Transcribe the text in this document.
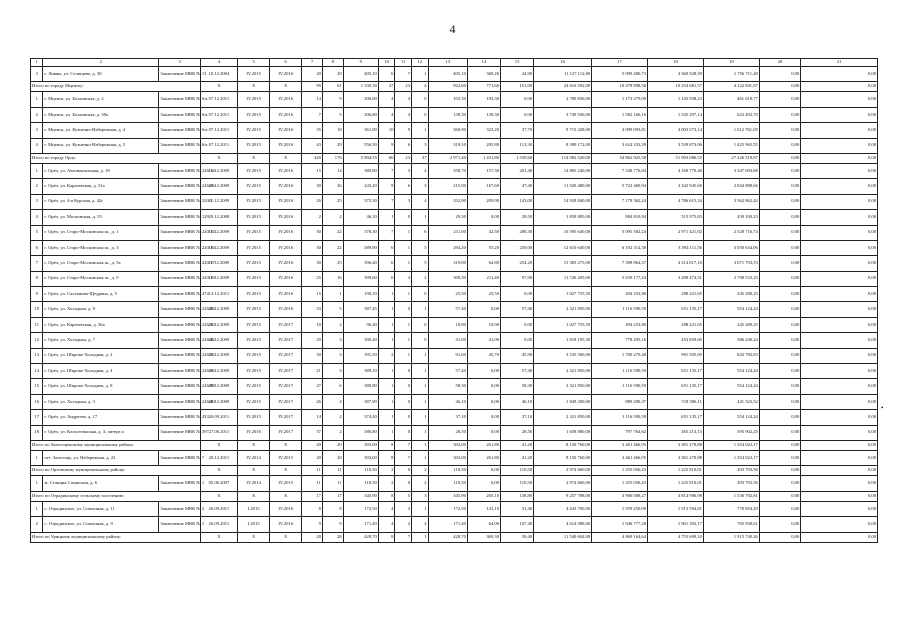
4
1	2	3	4	5	6	7	8	9	10	11	12	13	14	15	16	17	18	19	20	21
3	г. Ливны, ул. Селищева, д. 38	Заключение МВК № 13	10.12.2004	IV.2015	IV.2016	20	29	405,10	6	7	1	405,10	360,26	44,90	11 127 112,80	5 009 480,73	4 360 928,59	1 756 711,48	0,00	0,00
Итого по городу Мценску:			X	X	X	99	61	1 330,30	27	23	4	922,60	771,60	151,00	24 616 592,00	10 478 898,36	10 254 681,57	4 122 841,07	0,00	0,00
1	г. Мценск, ул. Болховская, д. 2	Заключение МВК № 6/к	07.12.2011	IV.2015	IV.2016	14	9	206,00	4	4	0	103,30	103,30	0,00	2 780 836,00	1 173 279,00	1 145 938,23	461 618,77	0,00	0,00
2	г. Мценск, ул. Болховская, д. 58а	Заключение МВК № 6/к	07.12.2011	IV.2015	IV.2016	7	5	206,80	4	4	0	139,30	139,30	0,00	3 749 936,00	1 582 166,16	1 545 297,14	622 492,70	0,00	0,00
3	г. Мценск, ул. Кузнечно-Набережная, д. 4	Заключение МВК № 6/к	07.12.2011	IV.2015	IV.2016	35	18	361,00	10	9	1	360,90	323,20	37,70	9 715 428,00	4 099 093,81	4 003 573,14	1 612 761,05	0,00	0,00
4	г. Мценск, ул. Кузнечно-Набережная, д. 5	Заключение МВК № 6/к	07.12.2011	IV.2015	IV.2016	43	29	556,50	9	6	3	319,10	205,80	113,30	8 390 172,00	3 624 333,39	3 539 873,06	1 425 965,55	0,00	0,00
Итого по городу Орлу:			X	X	X	420	176	5 894,55	60	23	37	2 971,40	1 431,80	1 539,60	114 082 520,00	54 862 925,58	51 993 086,55	27 226 519,87	0,00	0,00
1	г. Орёл, ул. Автовокзальная, д. 18	Заключение МВК № 226/14	16.12.2009	IV.2015	IV.2016	15	14	380,80	7	3	4	358,70	157,30	201,40	14 865 240,00	7 348 776,84	4 168 770,48	3 347 693,68	0,00	0,00
2	г. Орёл, ул. Карачевская, д. 51а	Заключение МВК № 226/26	23.12.2009	IV.2015	IV.2016	30	26	243,20	9	6	3	215,00	167,60	47,40	11 920 480,00	5 722 469,94	3 342 945,60	2 844 888,66	0,00	0,00
3	г. Орёл, ул. 4-я Курская, д. 42г	Заключение МВК № 220/3	11.12.2009	IV.2015	IV.2016	26	25	375,30	7	3	4	352,90	209,90	143,00	14 928 840,00	7 179 362,24	4 786 615,34	3 562 862,42	0,00	0,00
4	г. Орёл, ул. Московская, д. 55	Заключение МВК № 129	29.12.2008	IV.2015	IV.2016	2	2	46,10	1	0	1	29,50	0,00	29,50	1 839 885,00	884 810,94	515 975,83	439 100,23	0,00	0,00
5	г. Орёл, ул. Старо-Московская ш., д. 1	Заключение МВК № 220/15	11.12.2009	IV.2015	IV.2016	30	22	378,30	7	1	6	211,00	42,50	208,30	10 595 640,00	5 095 302,24	2 971 421,02	2 528 716,74	0,00	0,00
6	г. Орёл, ул. Старо-Московская ш., д. 3	Заключение МВК № 220/16	11.12.2009	IV.2015	IV.2016	30	22	389,90	6	1	5	294,20	55,20	239,00	12 610 640,00	6 102 314,38	3 594 111,56	3 050 634,06	0,00	0,00
7	г. Орёл, ул. Старо-Московская ш., д. 5а	Заключение МВК № 220/17	11.12.2009	IV.2015	IV.2016	30	25	396,40	6	1	5	319,00	64,80	254,20	15 383 275,00	7 398 864,37	4 314 617,10	3 671 793,53	0,00	0,00
8	г. Орёл, ул. Старо-Московская ш., д. 9	Заключение МВК № 220/19	11.12.2009	IV.2015	IV.2016	25	16	399,60	6	4	2	309,30	211,40	97,90	11 726 205,00	5 639 177,24	3 288 474,51	2 798 533,25	0,00	0,00
9	г. Орёл, ул. Салтыкова-Щедрина, д. 5	Заключение МВК № 474	12.12.2011	IV.2015	IV.2016	15	1	190,10	1	1	0	25,50	25,50	0,00	1 027 755,50	494 253,80	288 221,65	245 280,25	0,00	0,00
10	г. Орёл, ул. Холодная, д. 9	Заключение МВК № 226/43	29.12.2009	IV.2015	IV.2016	33	5	387,45	1	0	1	57,40	0,00	57,40	2 321 850,00	1 116 590,59	651 135,17	554 124,24	0,00	0,00
11	г. Орёл, ул. Карачевская, д. 36а	Заключение МВК № 226/30	23.12.2009	IV.2015	IV.2017	10	2	96,40	1	1	0	10,90	10,90	0,00	1 027 755,50	494 253,80	288 221,65	245 280,25	0,00	0,00
12	г. Орёл, ул. Холодная, д. 7	Заключение МВК № 226/42	29.12.2009	IV.2015	IV.2017	29	3	390,40	1	1	0	41,00	41,00	0,00	1 618 195,30	778 295,16	453 859,60	386 240,24	0,00	0,00
13	г. Орёл, ул. Широко-Холодная, д. 2	Заключение МВК № 226/35	23.12.2009	IV.2015	IV.2017	30	3	391,50	2	1	1	91,60	45,70	45,90	3 535 560,00	1 700 270,48	991 505,69	843 783,83	0,00	0,00
14	г. Орёл, ул. Широко-Холодная, д. 4	Заключение МВК № 226/36	23.12.2009	IV.2015	IV.2017	21	3	389,10	1	0	1	57,40	0,00	57,40	2 321 850,00	1 116 590,59	651 135,17	554 124,24	0,00	0,00
15	г. Орёл, ул. Широко-Холодная, д. 8	Заключение МВК № 226/38	29.12.2009	IV.2015	IV.2017	27	6	388,80	1	0	1	58,30	0,00	58,30	2 321 850,00	1 116 590,59	651 135,17	554 124,24	0,00	0,00
16	г. Орёл, ул. Холодная, д. 3	Заключение МВК № 226/40	29.12.2009	IV.2015	IV.2017	26	4	387,90	1	0	1	46,10	0,00	46,10	1 849 200,00	889 290,37	518 586,11	441 323,52	0,00	0,00
17	г. Орёл, ул. Андреева, д. 17	Заключение МВК № 433	20.09.2011	IV.2015	IV.2017	14	2	374,40	1	0	1	37,10	0,00	37,10	2 321 850,00	1 116 590,59	651 135,17	554 124,24	0,00	0,00
18	г. Орёл, ул. Колхозтинская, д. 3, литера а	Заключение МВК № 397	27.06.2011	IV.2016	IV.2017	37	2	386,80	1	0	1	28,50	0,00	28,50	1 658 880,00	797 764,62	465 213,13	395 902,25	0,00	0,00
Итого по Залегощенскому муниципальному району:			X	X	X	20	20	303,00	8	7	1	303,00	261,80	41,20	8 150 760,00	3 461 466,95	3 381 270,88	1 354 022,17	0,00	0,00
1	пгт. Залегощь, ул. Набережная, д. 22	Заключение МВК № 7	20.12.2011	IV.2014	IV.2015	20	20	303,00	8	7	1	303,00	261,80	41,20	8 150 760,00	3 461 466,95	3 381 270,88	1 354 022,17	0,00	0,00
Итого по Орловскому муниципальному району:			X	X	X	11	11	110,50	2	0	2	110,50	0,00	110,50	2 974 660,00	1 255 056,43	1 225 810,01	493 793,56	0,00	0,00
1	ж. Станция Саханская, д. 6	Заключение МВК № 1	05.06.2007	IV.2014	IV.2015	11	11	110,50	2	0	2	110,50	0,00	110,50	2 974 660,00	1 255 056,43	1 225 810,01	493 793,56	0,00	0,00
Итого по Отрадинскому сельскому поселению:			X	X	X	17	17	345,90	8	5	3	345,90	205,10	138,80	9 257 788,00	3 906 008,27	3 814 986,98	1 536 792,81	0,00	0,00
1	с. Отрадинское, ул. Совхозная, д. 11	Заключение МВК № 2	26.09.2011	I.2015	IV.2016	8	8	172,50	4	3	1	172,50	141,10	31,40	4 643 700,00	1 959 250,99	1 913 594,81	770 854,20	0,00	0,00
2	с. Отрадинское, ул. Совхозная, д. 9	Заключение МВК № 1	26.09.2011	I.2015	IV.2016	9	9	171,40	4	2	2	171,40	64,00	107,40	4 614 088,00	1 946 777,28	1 901 392,17	765 938,61	0,00	0,00
Итого по Урицкому муниципальному району:			X	X	X	28	28	428,70	8	7	1	428,70	369,30	59,40	11 540 604,00	4 869 164,64	4 755 699,10	1 915 740,26	0,00	0,00
•
